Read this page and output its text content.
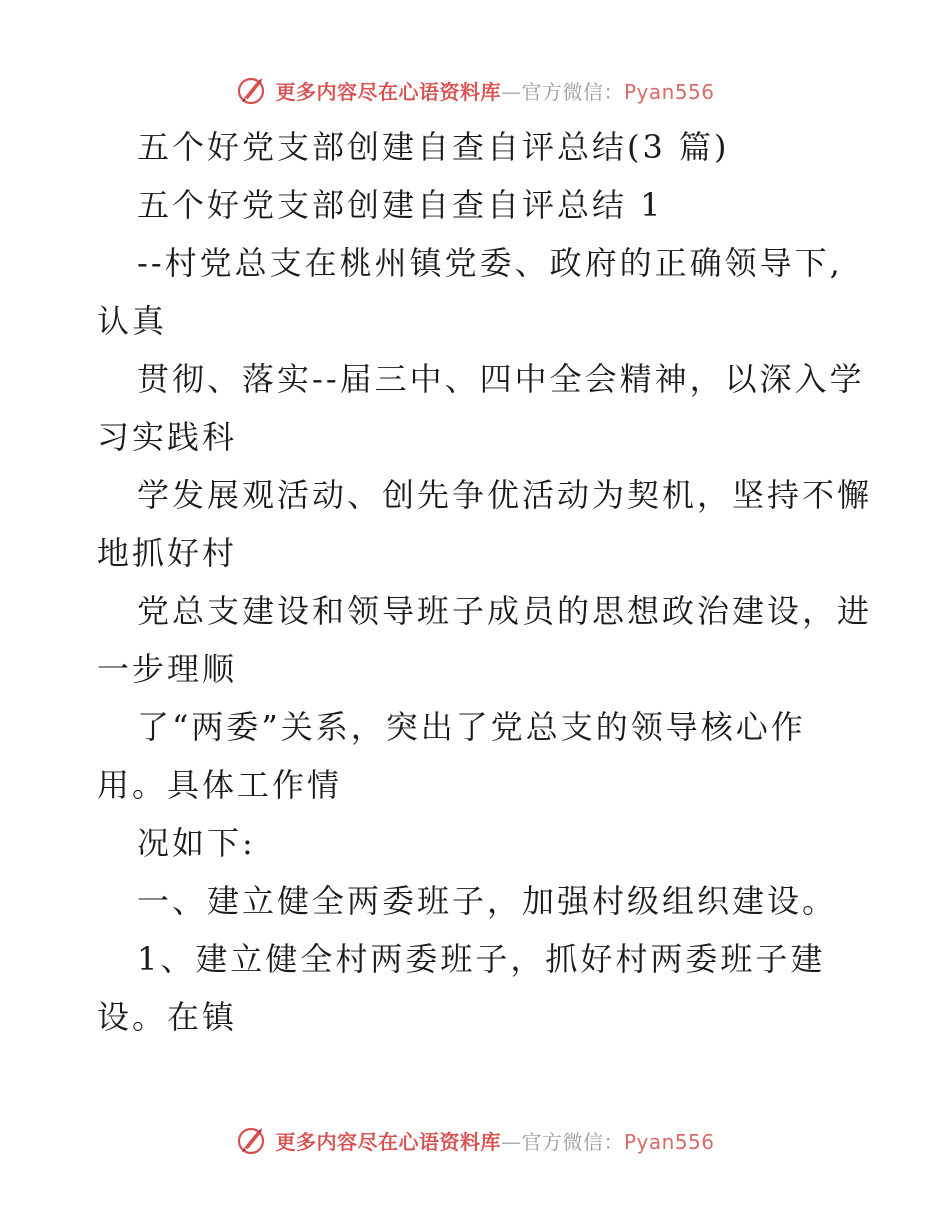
更多内容尽在心语资料库—官方微信：Pyan556
五个好党支部创建自查自评总结(3 篇)
五个好党支部创建自查自评总结 1
--村党总支在桃州镇党委、政府的正确领导下,
认真
贯彻、落实--届三中、四中全会精神，以深入学
习实践科
学发展观活动、创先争优活动为契机，坚持不懈
地抓好村
党总支建设和领导班子成员的思想政治建设，进
一步理顺
了“两委”关系，突出了党总支的领导核心作
用。具体工作情
况如下:
一、建立健全两委班子，加强村级组织建设。
1、建立健全村两委班子，抓好村两委班子建
设。在镇
更多内容尽在心语资料库—官方微信：Pyan556
